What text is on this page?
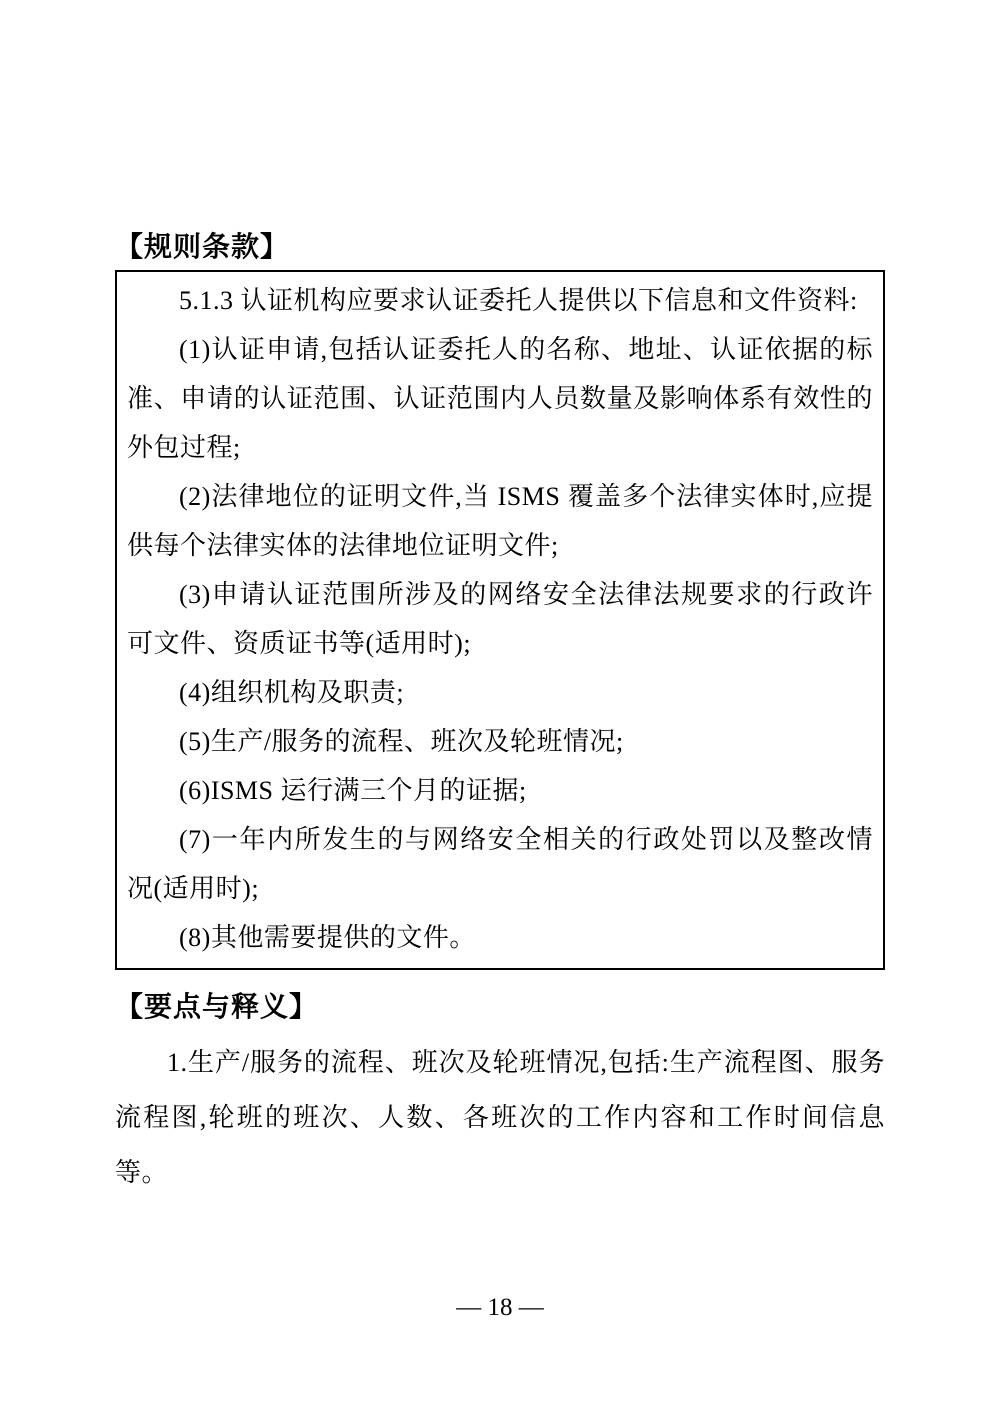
【规则条款】

5.1.3 认证机构应要求认证委托人提供以下信息和文件资料:

(1)认证申请,包括认证委托人的名称、地址、认证依据的标准、申请的认证范围、认证范围内人员数量及影响体系有效性的外包过程;

(2)法律地位的证明文件,当 ISMS 覆盖多个法律实体时,应提供每个法律实体的法律地位证明文件;

(3)申请认证范围所涉及的网络安全法律法规要求的行政许可文件、资质证书等(适用时);

(4)组织机构及职责;

(5)生产/服务的流程、班次及轮班情况;

(6)ISMS 运行满三个月的证据;

(7)一年内所发生的与网络安全相关的行政处罚以及整改情况(适用时);

(8)其他需要提供的文件。

【要点与释义】

1.生产/服务的流程、班次及轮班情况,包括:生产流程图、服务流程图,轮班的班次、人数、各班次的工作内容和工作时间信息等。

— 18 —
